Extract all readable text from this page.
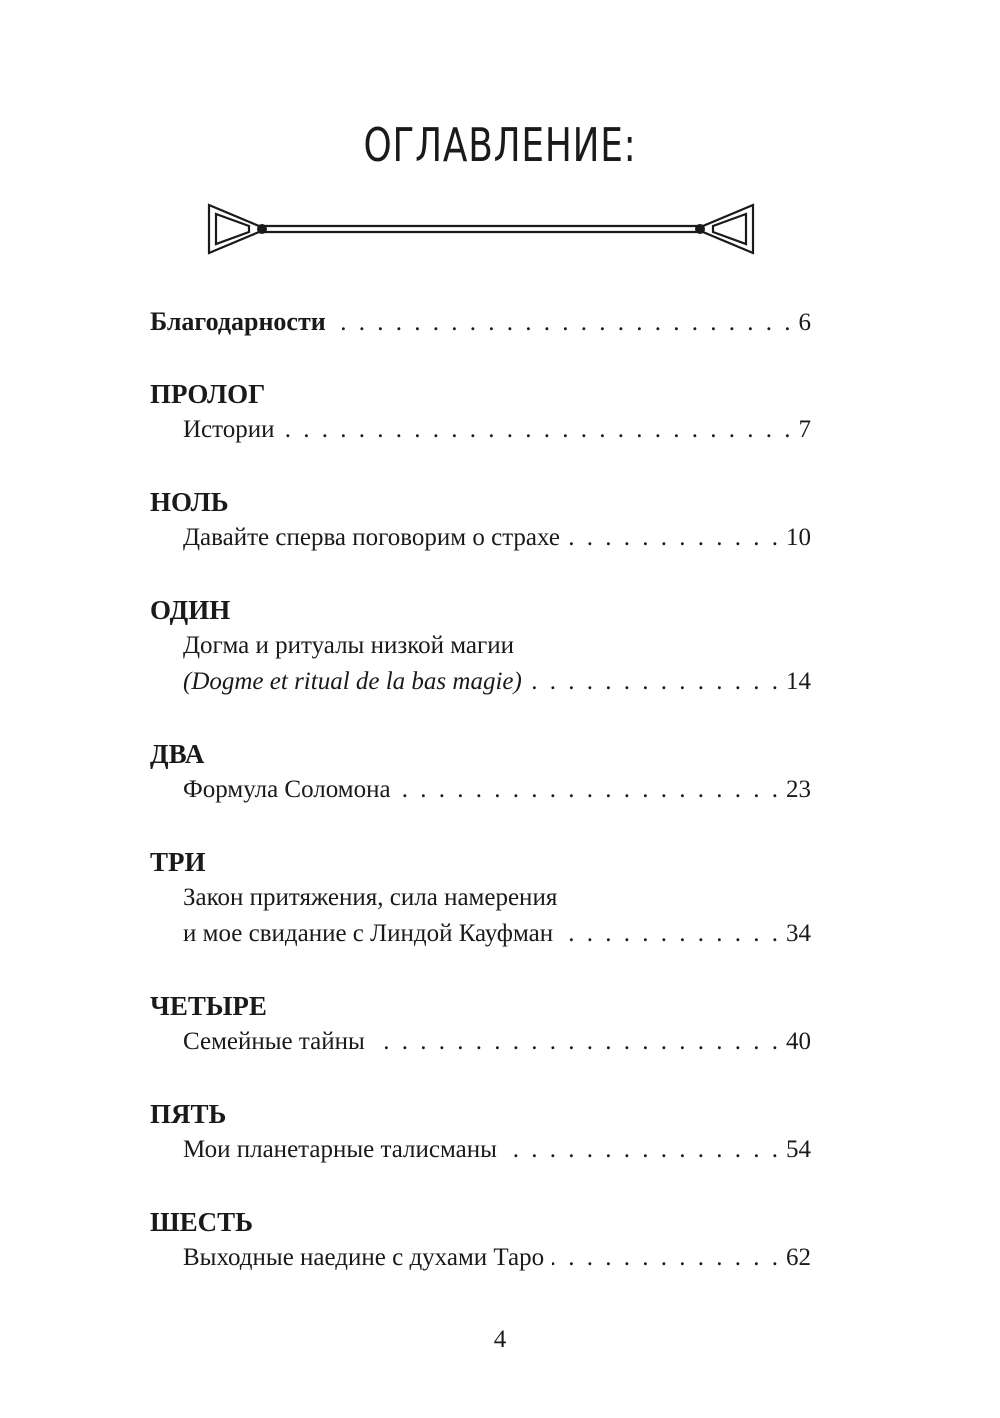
ОГЛАВЛЕНИЕ:
Благодарности . . .	6
ПРОЛОГ
Истории . . .	7
НОЛЬ
Давайте сперва поговорим о страхе . . .	10
ОДИН
Догма и ритуалы низкой магии
(Dogme et ritual de la bas magie) . . .	14
ДВА
Формула Соломона . . .	23
ТРИ
Закон притяжения, сила намерения
и мое свидание с Линдой Кауфман . . .	34
ЧЕТЫРЕ
Семейные тайны . . .	40
ПЯТЬ
Мои планетарные талисманы . . .	54
ШЕСТЬ
Выходные наедине с духами Таро . . .	62
4
